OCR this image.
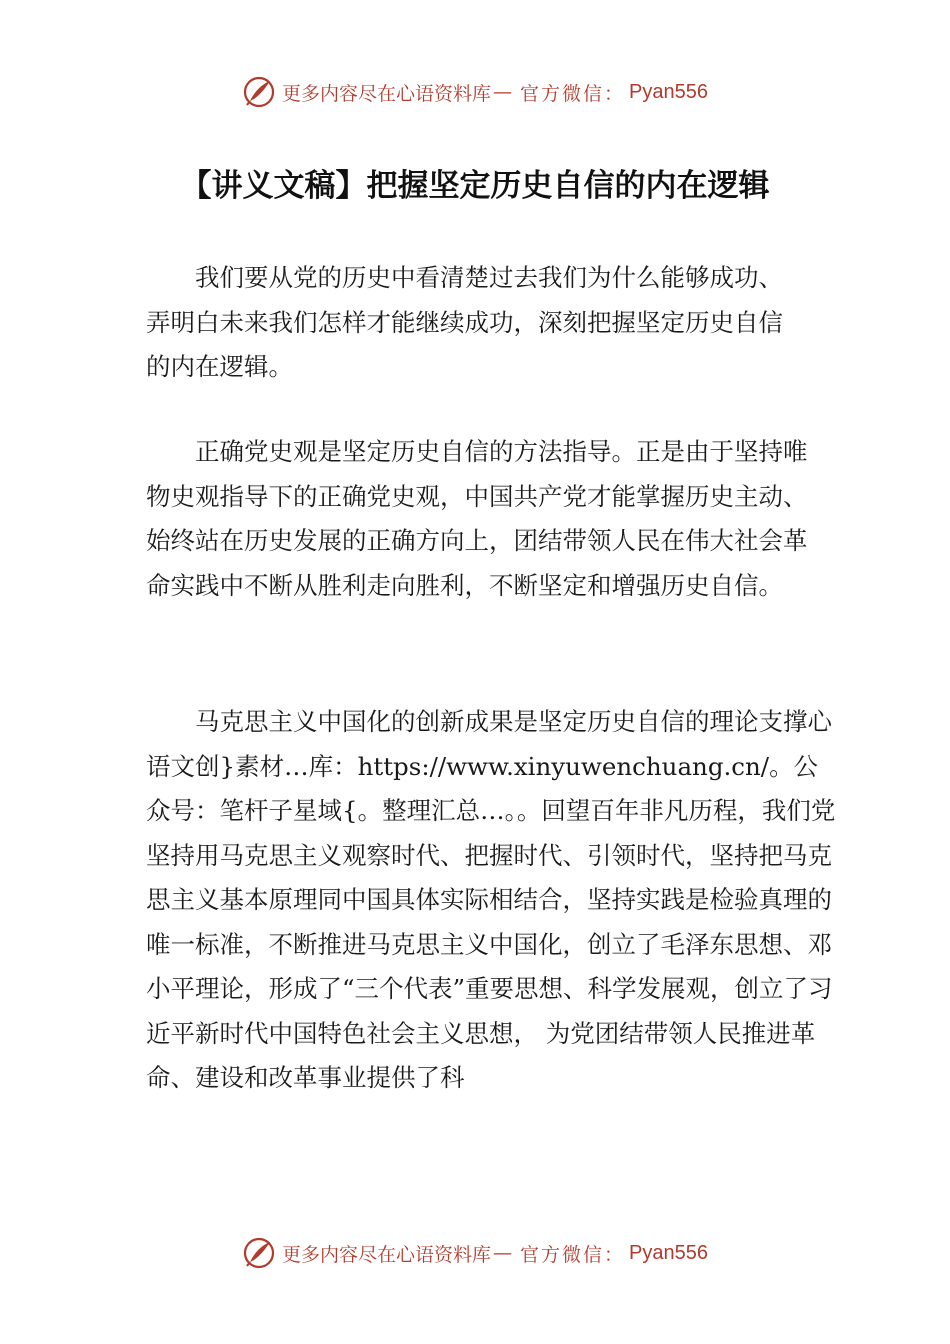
更多内容尽在心语资料库 — 官方微信： Pyan556
【讲义文稿】把握坚定历史自信的内在逻辑

我们要从党的历史中看清楚过去我们为什么能够成功、弄明白未来我们怎样才能继续成功，深刻把握坚定历史自信的内在逻辑。

正确党史观是坚定历史自信的方法指导。正是由于坚持唯物史观指导下的正确党史观，中国共产党才能掌握历史主动、始终站在历史发展的正确方向上，团结带领人民在伟大社会革命实践中不断从胜利走向胜利，不断坚定和增强历史自信。

马克思主义中国化的创新成果是坚定历史自信的理论支撑心语文创}素材…库：https://www.xinyuwenchuang.cn/。公众号：笔杆子星域{。整理汇总…。。回望百年非凡历程，我们党坚持用马克思主义观察时代、把握时代、引领时代，坚持把马克思主义基本原理同中国具体实际相结合，坚持实践是检验真理的唯一标准，不断推进马克思主义中国化，创立了毛泽东思想、邓小平理论，形成了“三个代表”重要思想、科学发展观，创立了习近平新时代中国特色社会主义思想， 为党团结带领人民推进革命、建设和改革事业提供了科

更多内容尽在心语资料库 — 官方微信： Pyan556
